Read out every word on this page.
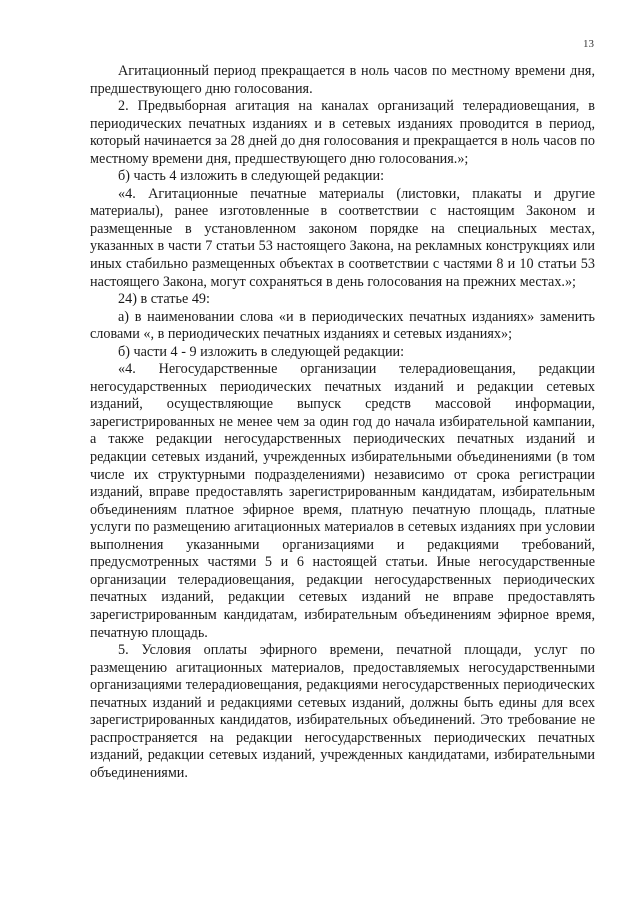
13

Агитационный период прекращается в ноль часов по местному времени дня, предшествующего дню голосования.

2. Предвыборная агитация на каналах организаций телерадиовещания, в периодических печатных изданиях и в сетевых изданиях проводится в период, который начинается за 28 дней до дня голосования и прекращается в ноль часов по местному времени дня, предшествующего дню голосования.»;

б) часть 4 изложить в следующей редакции:

«4. Агитационные печатные материалы (листовки, плакаты и другие материалы), ранее изготовленные в соответствии с настоящим Законом и размещенные в установленном законом порядке на специальных местах, указанных в части 7 статьи 53 настоящего Закона, на рекламных конструкциях или иных стабильно размещенных объектах в соответствии с частями 8 и 10 статьи 53 настоящего Закона, могут сохраняться в день голосования на прежних местах.»;

24) в статье 49:

а) в наименовании слова «и в периодических печатных изданиях» заменить словами «, в периодических печатных изданиях и сетевых изданиях»;

б) части 4 - 9 изложить в следующей редакции:

«4. Негосударственные организации телерадиовещания, редакции негосударственных периодических печатных изданий и редакции сетевых изданий, осуществляющие выпуск средств массовой информации, зарегистрированных не менее чем за один год до начала избирательной кампании, а также редакции негосударственных периодических печатных изданий и редакции сетевых изданий, учрежденных избирательными объединениями (в том числе их структурными подразделениями) независимо от срока регистрации изданий, вправе предоставлять зарегистрированным кандидатам, избирательным объединениям платное эфирное время, платную печатную площадь, платные услуги по размещению агитационных материалов в сетевых изданиях при условии выполнения указанными организациями и редакциями требований, предусмотренных частями 5 и 6 настоящей статьи. Иные негосударственные организации телерадиовещания, редакции негосударственных периодических печатных изданий, редакции сетевых изданий не вправе предоставлять зарегистрированным кандидатам, избирательным объединениям эфирное время, печатную площадь.

5. Условия оплаты эфирного времени, печатной площади, услуг по размещению агитационных материалов, предоставляемых негосударственными организациями телерадиовещания, редакциями негосударственных периодических печатных изданий и редакциями сетевых изданий, должны быть едины для всех зарегистрированных кандидатов, избирательных объединений. Это требование не распространяется на редакции негосударственных периодических печатных изданий, редакции сетевых изданий, учрежденных кандидатами, избирательными объединениями.
